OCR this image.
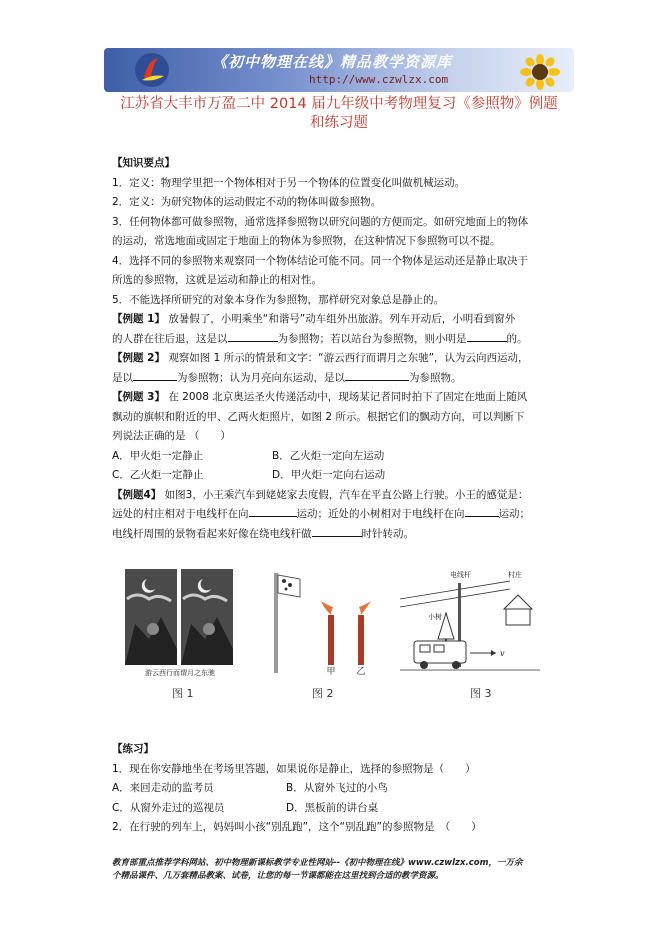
《初中物理在线》精品教学资源库
http://www.czwlzx.com
江苏省大丰市万盈二中 2014 届九年级中考物理复习《参照物》例题
和练习题

【知识要点】

1．定义：物理学里把一个物体相对于另一个物体的位置变化叫做机械运动。

2．定义：为研究物体的运动假定不动的物体叫做参照物。

3．任何物体都可做参照物，通常选择参照物以研究问题的方便而定。如研究地面上的物体

的运动，常选地面或固定于地面上的物体为参照物，在这种情况下参照物可以不提。

4．选择不同的参照物来观察同一个物体结论可能不同。同一个物体是运动还是静止取决于

所选的参照物，这就是运动和静止的相对性。

5．不能选择所研究的对象本身作为参照物，那样研究对象总是静止的。

【例题 1】 放暑假了，小明乘坐“和谐号”动车组外出旅游。列车开动后，小明看到窗外

的人群在往后退，这是以	为参照物；若以站台为参照物，则小明是	的。

【例题 2】 观察如图 1 所示的情景和文字：“游云西行而谓月之东驰”，认为云向西运动，

是以	为参照物；认为月亮向东运动，是以	为参照物。

【例题 3】 在 2008 北京奥运圣火传递活动中，现场某记者同时拍下了固定在地面上随风

飘动的旗帜和附近的甲、乙两火炬照片，如图 2 所示。根据它们的飘动方向，可以判断下

列说法正确的是 （　　）

A．甲火炬一定静止	B．乙火炬一定向左运动

C．乙火炬一定静止	D．甲火炬一定向右运动

【例题4】 如图3，小王乘汽车到姥姥家去度假，汽车在平直公路上行驶。小王的感觉是：

远处的村庄相对于电线杆在向	运动；近处的小树相对于电线杆在向	运动；

电线杆周围的景物看起来好像在绕电线杆做	时针转动。

游云西行而谓月之东驰
图 1
甲 乙
图 2
电线杆	村庄
小树
v
图 3

【练习】

1．现在你安静地坐在考场里答题，如果说你是静止，选择的参照物是（　　）

A．来回走动的监考员	B．从窗外飞过的小鸟

C．从窗外走过的巡视员	D．黑板前的讲台桌

2．在行驶的列车上，妈妈叫小孩“别乱跑”，这个“别乱跑”的参照物是　（　　）

教育部重点推荐学科网站、初中物理新课标教学专业性网站--《初中物理在线》www.czwlzx.com，一万余
个精品课件、几万套精品教案、试卷，让您的每一节课都能在这里找到合适的教学资源。
